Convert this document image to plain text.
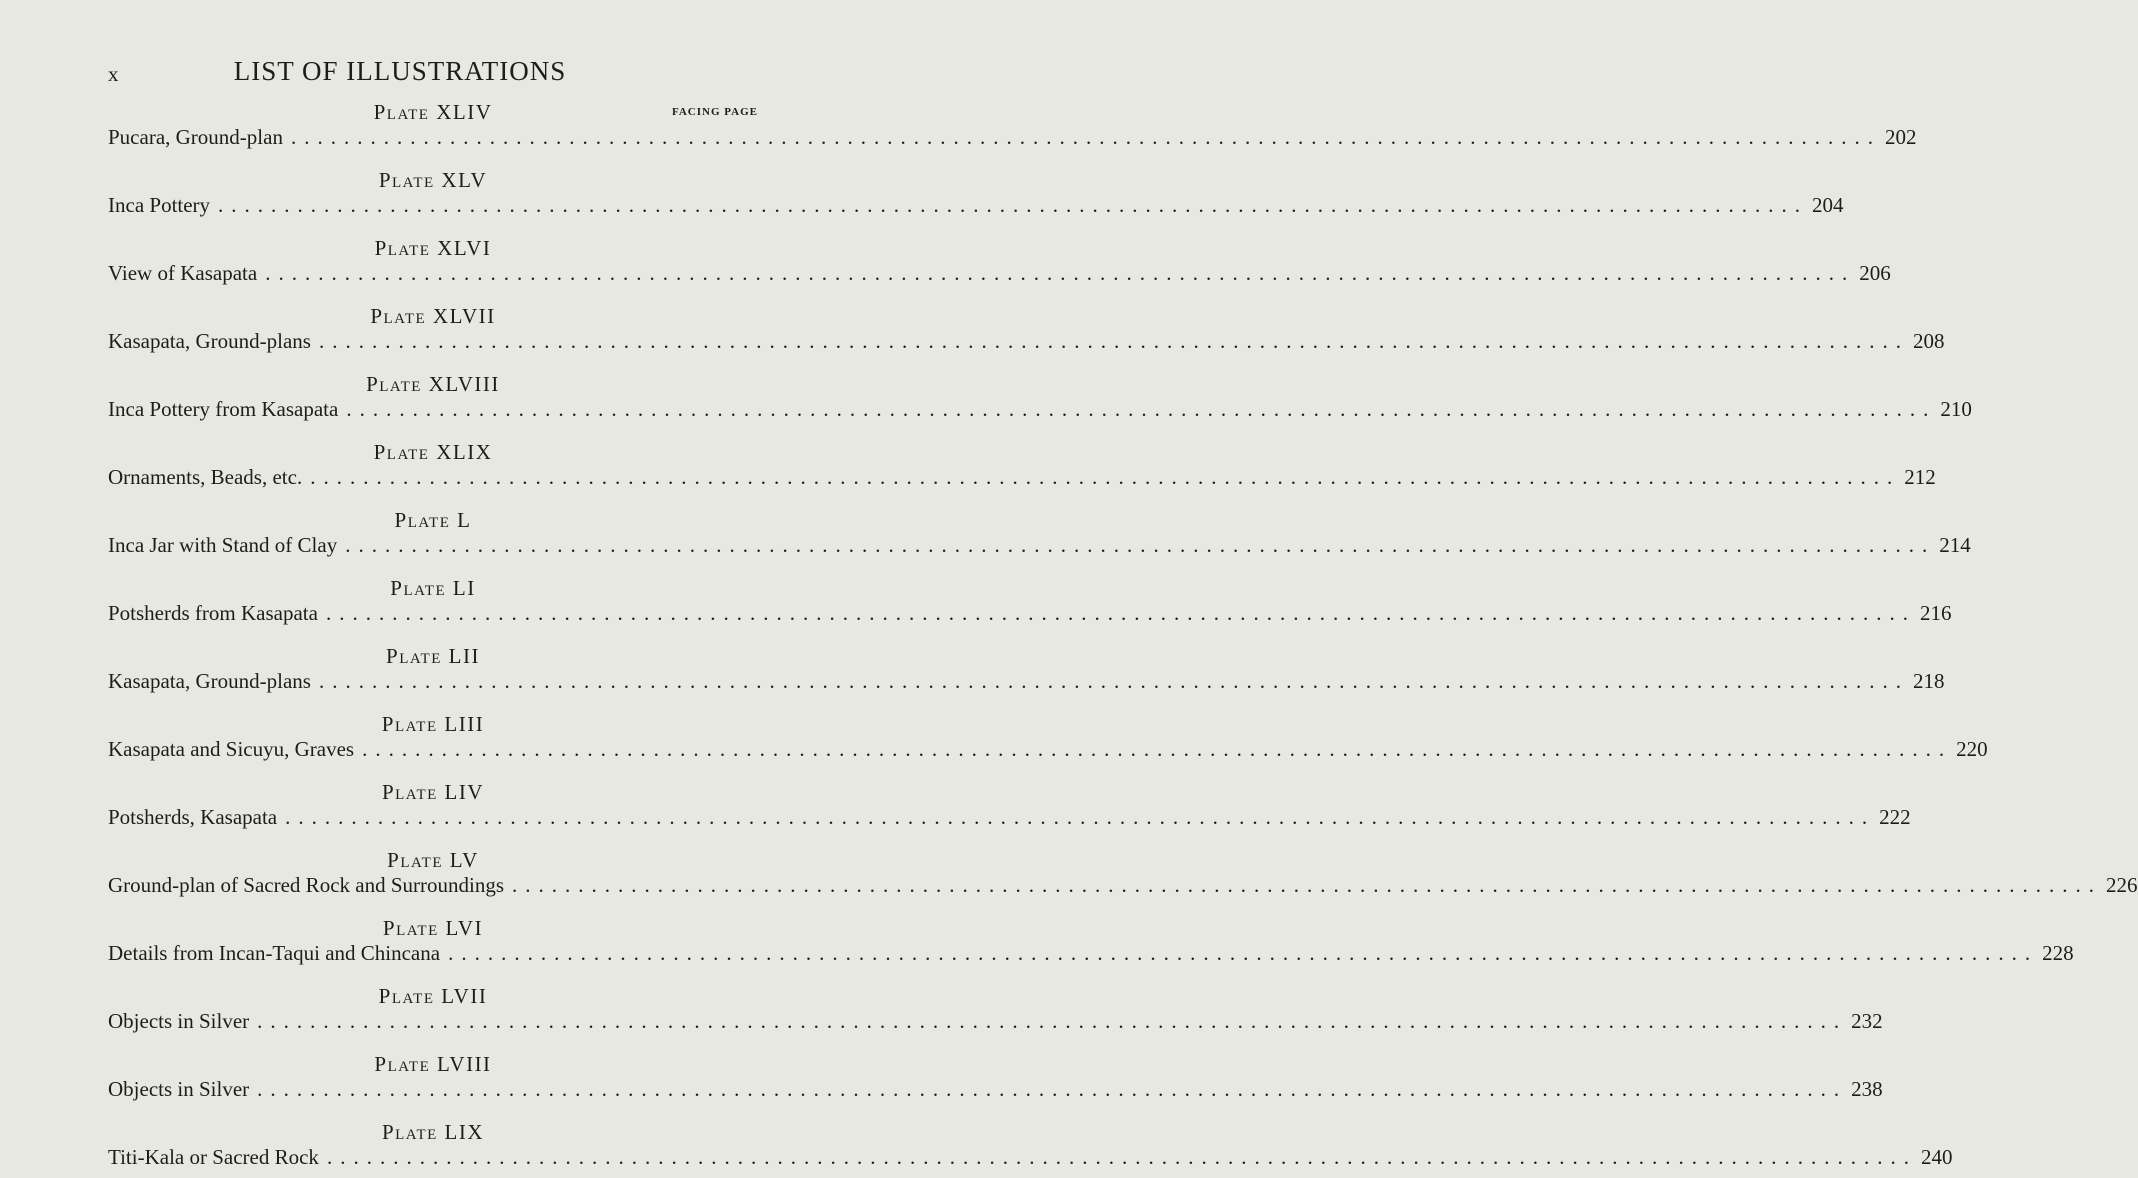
x	LIST OF ILLUSTRATIONS
FACING PAGE
Plate XLIV
Pucara, Ground-plan ........................................................................................................................ 202
Plate XLV
Inca Pottery ........................................................................................................................ 204
Plate XLVI
View of Kasapata ........................................................................................................................ 206
Plate XLVII
Kasapata, Ground-plans ........................................................................................................................ 208
Plate XLVIII
Inca Pottery from Kasapata ........................................................................................................................ 210
Plate XLIX
Ornaments, Beads, etc. ........................................................................................................................ 212
Plate L
Inca Jar with Stand of Clay ........................................................................................................................ 214
Plate LI
Potsherds from Kasapata ........................................................................................................................ 216
Plate LII
Kasapata, Ground-plans ........................................................................................................................ 218
Plate LIII
Kasapata and Sicuyu, Graves ........................................................................................................................ 220
Plate LIV
Potsherds, Kasapata ........................................................................................................................ 222
Plate LV
Ground-plan of Sacred Rock and Surroundings ........................................................................................................................ 226
Plate LVI
Details from Incan-Taqui and Chincana ........................................................................................................................ 228
Plate LVII
Objects in Silver ........................................................................................................................ 232
Plate LVIII
Objects in Silver ........................................................................................................................ 238
Plate LIX
Titi-Kala or Sacred Rock ........................................................................................................................ 240
